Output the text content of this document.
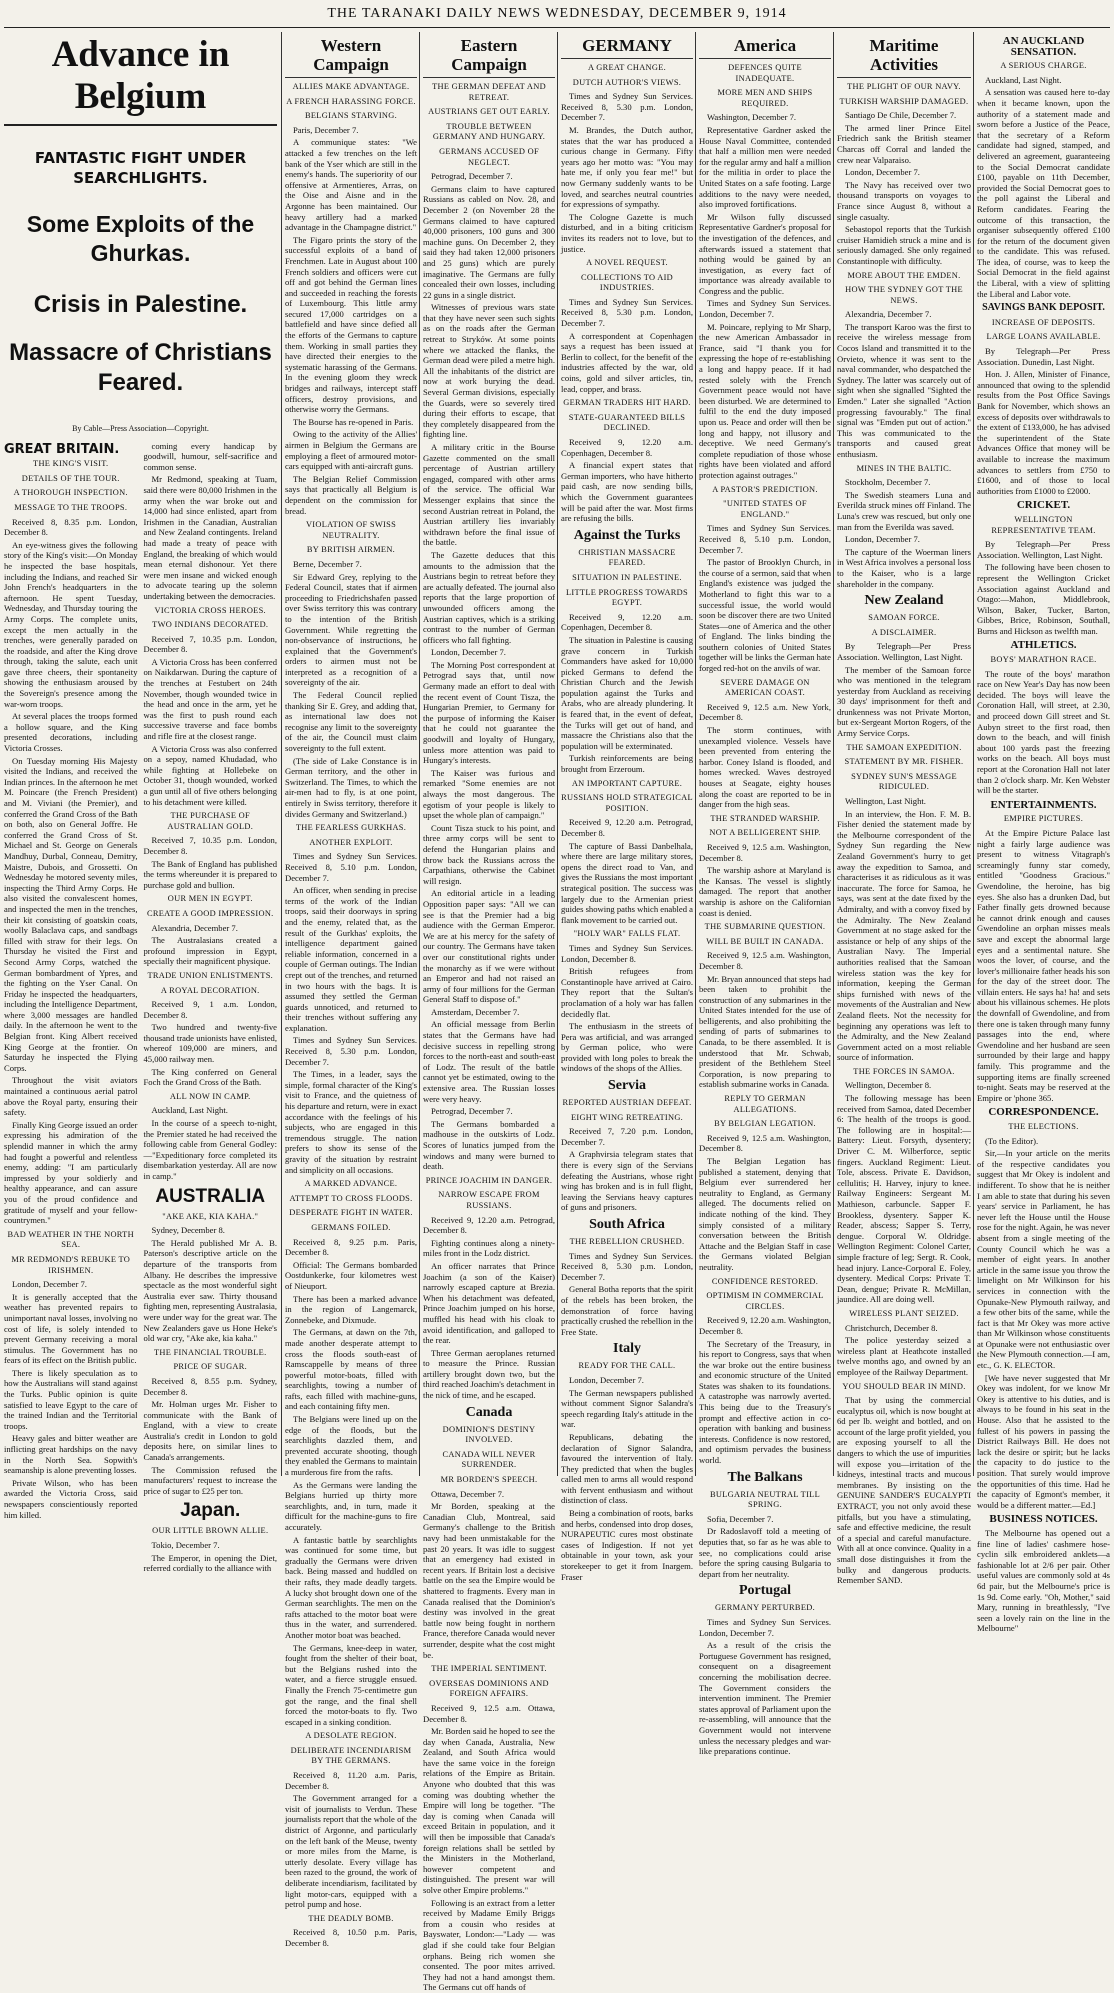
THE TARANAKI DAILY NEWS WEDNESDAY, DECEMBER 9, 1914
Advance in Belgium
FANTASTIC FIGHT UNDER SEARCHLIGHTS.
Some Exploits of the Ghurkas.
Crisis in Palestine.
Massacre of Christians Feared.
By Cable—Press Association—Copyright.
GREAT BRITAIN.
THE KING'S VISIT.
DETAILS OF THE TOUR.
A THOROUGH INSPECTION.
MESSAGE TO THE TROOPS.

Received 8, 8.35 p.m. London, December 8.

An eye-witness gives the following story of the King's visit:—On Monday he inspected the base hospitals, including the Indians, and reached Sir John French's headquarters in the afternoon. He spent Tuesday, Wednesday, and Thursday touring the Army Corps. The complete units, except the men actually in the trenches, were generally paraded on the roadside, and after the King drove through, taking the salute, each unit gave three cheers, their spontaneity showing the enthusiasm aroused by the Sovereign's presence among the war-worn troops.

At several places the troops formed a hollow square, and the King presented decorations, including Victoria Crosses.

On Tuesday morning His Majesty visited the Indians, and received the Indian princes. In the afternoon he met M. Poincare (the French President) and M. Viviani (the Premier), and conferred the Grand Cross of the Bath on both, also on General Joffre. He conferred the Grand Cross of St. Michael and St. George on Generals Mandhuy, Durbal, Conneau, Demitry, Maistre, Dubois, and Grossetti. On Wednesday he motored seventy miles, inspecting the Third Army Corps. He also visited the convalescent homes, and inspected the men in the trenches, their kit consisting of goatskin coats, woolly Balaclava caps, and sandbags filled with straw for their legs. On Thursday he visited the First and Second Army Corps, watched the German bombardment of Ypres, and the fighting on the Yser Canal. On Friday he inspected the headquarters, including the Intelligence Department, where 3,000 messages are handled daily. In the afternoon he went to the Belgian front. King Albert received King George at the frontier. On Saturday he inspected the Flying Corps.

Throughout the visit aviators maintained a continuous aerial patrol above the Royal party, ensuring their safety.

Finally King George issued an order expressing his admiration of the splendid manner in which the army had fought a powerful and relentless enemy, adding: "I am particularly impressed by your soldierly and healthy appearance, and can assure you of the proud confidence and gratitude of myself and your fellow-countrymen."

BAD WEATHER IN THE NORTH SEA.
MR REDMOND'S REBUKE TO IRISHMEN.

London, December 7.

It is generally accepted that the weather has prevented repairs to unimportant naval losses, involving no cost of life, is solely intended to prevent Germany receiving a moral stimulus. The Government has no fears of its effect on the British public.

There is likely speculation as to how the Australians will stand against the Turks. Public opinion is quite satisfied to leave Egypt to the care of the trained Indian and the Territorial troops.

Heavy gales and bitter weather are inflicting great hardships on the navy in the North Sea. Sopwith's seamanship is alone preventing losses.

Private Wilson, who has been awarded the Victoria Cross, said newspapers conscientiously reported him killed.

coming every handicap by goodwill, humour, self-sacrifice and common sense.

Mr Redmond, speaking at Tuam, said there were 80,000 Irishmen in the army when the war broke out and 14,000 had since enlisted, apart from Irishmen in the Canadian, Australian and New Zealand contingents. Ireland had made a treaty of peace with England, the breaking of which would mean eternal dishonour. Yet there were men insane and wicked enough to advocate tearing up the solemn undertaking between the democracies.

VICTORIA CROSS HEROES.
TWO INDIANS DECORATED.

Received 7, 10.35 p.m. London, December 8.

A Victoria Cross has been conferred on Naikdarwan. During the capture of the trenches at Festubert on 24th November, though wounded twice in the head and once in the arm, yet he was the first to push round each successive traverse and face bombs and rifle fire at the closest range.

A Victoria Cross was also conferred on a sepoy, named Khudadad, who while fighting at Hollebeke on October 31, though wounded, worked a gun until all of five others belonging to his detachment were killed.

THE PURCHASE OF AUSTRALIAN GOLD.

Received 7, 10.35 p.m. London, December 8.

The Bank of England has published the terms whereunder it is prepared to purchase gold and bullion.

OUR MEN IN EGYPT.
CREATE A GOOD IMPRESSION.

Alexandria, December 7.

The Australasians created a profound impression in Egypt, specially their magnificent physique.

TRADE UNION ENLISTMENTS.
A ROYAL DECORATION.

Received 9, 1 a.m. London, December 8.

Two hundred and twenty-five thousand trade unionists have enlisted, whereof 109,000 are miners, and 45,000 railway men.

The King conferred on General Foch the Grand Cross of the Bath.

ALL NOW IN CAMP.

Auckland, Last Night.

In the course of a speech to-night, the Premier stated he had received the following cable from General Godley:—"Expeditionary force completed its disembarkation yesterday. All are now in camp."

AUSTRALIA
"AKE AKE, KIA KAHA."

Sydney, December 8.

The Herald published Mr A. B. Paterson's descriptive article on the departure of the transports from Albany. He describes the impressive spectacle as the most wonderful sight Australia ever saw. Thirty thousand fighting men, representing Australasia, were under way for the great war. The New Zealanders gave us Hone Heke's old war cry, "Ake ake, kia kaha."

THE FINANCIAL TROUBLE.
PRICE OF SUGAR.

Received 8, 8.55 p.m. Sydney, December 8.

Mr. Holman urges Mr. Fisher to communicate with the Bank of England, with a view to create Australia's credit in London to gold deposits here, on similar lines to Canada's arrangements.

The Commission refused the manufacturers' request to increase the price of sugar to £25 per ton.

Japan.
OUR LITTLE BROWN ALLIE.

Tokio, December 7.

The Emperor, in opening the Diet, referred cordially to the alliance with

Western Campaign
ALLIES MAKE ADVANTAGE.
A FRENCH HARASSING FORCE.
BELGIANS STARVING.

Paris, December 7.

A communique states: "We attacked a few trenches on the left bank of the Yser which are still in the enemy's hands. The superiority of our offensive at Armentieres, Arras, on the Oise and Aisne and in the Argonne has been maintained. Our heavy artillery had a marked advantage in the Champagne district."

The Figaro prints the story of the successful exploits of a band of Frenchmen. Late in August about 100 French soldiers and officers were cut off and got behind the German lines and succeeded in reaching the forests of Luxembourg. This little army secured 17,000 cartridges on a battlefield and have since defied all the efforts of the Germans to capture them. Working in small parties they have directed their energies to the systematic harassing of the Germans. In the evening gloom they wreck bridges and railways, intercept staff officers, destroy provisions, and otherwise worry the Germans.

The Bourse has re-opened in Paris.

Owing to the activity of the Allies' airmen in Belgium the Germans are employing a fleet of armoured motor-cars equipped with anti-aircraft guns.

The Belgian Relief Commission says that practically all Belgium is dependent on the commission for bread.

VIOLATION OF SWISS NEUTRALITY.
BY BRITISH AIRMEN.

Berne, December 7.

Sir Edward Grey, replying to the Federal Council, states that if airmen proceeding to Friedrichshafen passed over Swiss territory this was contrary to the intention of the British Government. While regretting the non-observance of instructions, he explained that the Government's orders to airmen must not be interpreted as a recognition of a sovereignty of the air.

The Federal Council replied thanking Sir E. Grey, and adding that, as international law does not recognise any limit to the sovereignty of the air, the Council must claim sovereignty to the full extent.

(The side of Lake Constance is in German territory, and the other in Switzerland. The Times, to which the air-men had to fly, is at one point, entirely in Swiss territory, therefore it divides Germany and Switzerland.)

THE FEARLESS GURKHAS.
ANOTHER EXPLOIT.

Times and Sydney Sun Services. Received 8, 5.10 p.m. London, December 7.

An officer, when sending in precise terms of the work of the Indian troops, said their doorways in spring and the enemy, related that, as the result of the Gurkhas' exploits, the intelligence department gained reliable information, concerned in a couple of German outings. The Indian crept out of the trenches, and returned in two hours with the bags. It is assumed they settled the German guards unnoticed, and returned to their trenches without suffering any explanation.

Times and Sydney Sun Services. Received 8, 5.30 p.m. London, December 7.

The Times, in a leader, says the simple, formal character of the King's visit to France, and the quietness of his departure and return, were in exact accordance with the feelings of his subjects, who are engaged in this tremendous struggle. The nation prefers to show its sense of the gravity of the situation by restraint and simplicity on all occasions.

A MARKED ADVANCE.
ATTEMPT TO CROSS FLOODS.
DESPERATE FIGHT IN WATER.
GERMANS FOILED.

Received 8, 9.25 p.m. Paris, December 8.

Official: The Germans bombarded Oostdunkerke, four kilometres west of Nieuport.

There has been a marked advance in the region of Langemarck, Zonnebeke, and Dixmude.

The Germans, at dawn on the 7th, made another desperate attempt to cross the floods south-east of Ramscappelle by means of three powerful motor-boats, filled with searchlights, towing a number of rafts, each filled with machine-guns, and each containing fifty men.

The Belgians were lined up on the edge of the floods, but the searchlights dazzled them, and prevented accurate shooting, though they enabled the Germans to maintain a murderous fire from the rafts.

As the Germans were landing the Belgians hurried up thirty more searchlights, and, in turn, made it difficult for the machine-guns to fire accurately.

A fantastic battle by searchlights was continued for some time, but gradually the Germans were driven back. Being massed and huddled on their rafts, they made deadly targets. A lucky shot brought down one of the German searchlights. The men on the rafts attached to the motor boat were thus in the water, and surrendered. Another motor boat was beached.

The Germans, knee-deep in water, fought from the shelter of their boat, but the Belgians rushed into the water, and a fierce struggle ensued. Finally the French 75-centimetre gun got the range, and the final shell forced the motor-boats to fly. Two escaped in a sinking condition.

A DESOLATE REGION.
DELIBERATE INCENDIARISM BY THE GERMANS.

Received 8, 11.20 a.m. Paris, December 8.

The Government arranged for a visit of journalists to Verdun. These journalists report that the whole of the district of Argonne, and particularly on the left bank of the Meuse, twenty or more miles from the Marne, is utterly desolate. Every village has been razed to the ground, the work of deliberate incendiarism, facilitated by light motor-cars, equipped with a petrol pump and hose.

THE DEADLY BOMB.

Received 8, 10.50 p.m. Paris, December 8.

Eastern Campaign
THE GERMAN DEFEAT AND RETREAT.
AUSTRIANS GET OUT EARLY.
TROUBLE BETWEEN GERMANY AND HUNGARY.
GERMANS ACCUSED OF NEGLECT.

Petrograd, December 7.

Germans claim to have captured Russians as cabled on Nov. 28, and December 2 (on November 28 the Germans claimed to have captured 40,000 prisoners, 100 guns and 300 machine guns. On December 2, they said they had taken 12,000 prisoners and 25 guns) which are purely imaginative. The Germans are fully concealed their own losses, including 22 guns in a single district.

Witnesses of previous wars state that they have never seen such sights as on the roads after the German retreat to Stryków. At some points where we attacked the flanks, the German dead were piled a metre high. All the inhabitants of the district are now at work burying the dead. Several German divisions, especially the Guards, were so severely tired during their efforts to escape, that they completely disappeared from the fighting line.

A military critic in the Bourse Gazette commented on the small percentage of Austrian artillery engaged, compared with other arms of the service. The official War Messenger explains that since the second Austrian retreat in Poland, the Austrian artillery lies invariably withdrawn before the final issue of the battle.

The Gazette deduces that this amounts to the admission that the Austrians begin to retreat before they are actually defeated. The journal also reports that the large proportion of unwounded officers among the Austrian captives, which is a striking contrast to the number of German officers who fall fighting.

London, December 7.

The Morning Post correspondent at Petrograd says that, until now Germany made an effort to deal with the recent event of Count Tisza, the Hungarian Premier, to Germany for the purpose of informing the Kaiser that he could not guarantee the goodwill and loyalty of Hungary, unless more attention was paid to Hungary's interests.

The Kaiser was furious and remarked "Some enemies are not always the most dangerous. The egotism of your people is likely to upset the whole plan of campaign."

Count Tisza stuck to his point, and three army corps will be sent to defend the Hungarian plains and throw back the Russians across the Carpathians, otherwise the Cabinet will resign.

An editorial article in a leading Opposition paper says: "All we can see is that the Premier had a big audience with the German Emperor. We are at his mercy for the safety of our country. The Germans have taken over our constitutional rights under the monarchy as if we were without an Emperor and had not raised an army of four millions for the German General Staff to dispose of."

Amsterdam, December 7.

An official message from Berlin states that the Germans have had decisive success in repelling strong forces to the north-east and south-east of Lodz. The result of the battle cannot yet be estimated, owing to the extensive area. The Russian losses were very heavy.

Petrograd, December 7.

The Germans bombarded a madhouse in the outskirts of Lodz. Scores of lunatics jumped from the windows and many were burned to death.

PRINCE JOACHIM IN DANGER.
NARROW ESCAPE FROM RUSSIANS.

Received 9, 12.20 a.m. Petrograd, December 8.

Fighting continues along a ninety-miles front in the Lodz district.

An officer narrates that Prince Joachim (a son of the Kaiser) narrowly escaped capture at Brezia. When his detachment was defeated, Prince Joachim jumped on his horse, muffled his head with his cloak to avoid identification, and galloped to the rear.

Three German aeroplanes returned to measure the Prince. Russian artillery brought down two, but the third reached Joachim's detachment in the nick of time, and he escaped.

Canada
DOMINION'S DESTINY INVOLVED.
CANADA WILL NEVER SURRENDER.
MR BORDEN'S SPEECH.

Ottawa, December 7.

Mr Borden, speaking at the Canadian Club, Montreal, said Germany's challenge to the British navy had been unmistakable for the past 20 years. It was idle to suggest that an emergency had existed in recent years. If Britain lost a decisive battle on the sea the Empire would be shattered to fragments. Every man in Canada realised that the Dominion's destiny was involved in the great battle now being fought in northern France, therefore Canada would never surrender, despite what the cost might be.

THE IMPERIAL SENTIMENT.
OVERSEAS DOMINIONS AND FOREIGN AFFAIRS.

Received 9, 12.5 a.m. Ottawa, December 8.

Mr. Borden said he hoped to see the day when Canada, Australia, New Zealand, and South Africa would have the same voice in the foreign relations of the Empire as Britain. Anyone who doubted that this was coming was doubting whether the Empire will long be together. "The day is coming when Canada will exceed Britain in population, and it will then be impossible that Canada's foreign relations shall be settled by the Ministers in the Motherland, however competent and distinguished. The present war will solve other Empire problems."

Following is an extract from a letter received by Madame Emily Briggs from a cousin who resides at Bayswater, London:—"Lady — was glad if she could take four Belgian orphans. Being rich women she consented. The poor mites arrived. They had not a hand amongst them. The Germans cut off hands of

GERMANY
A GREAT CHANGE.
DUTCH AUTHOR'S VIEWS.

Times and Sydney Sun Services. Received 8, 5.30 p.m. London, December 7.

M. Brandes, the Dutch author, states that the war has produced a curious change in Germany. Fifty years ago her motto was: "You may hate me, if only you fear me!" but now Germany suddenly wants to be loved, and searches neutral countries for expressions of sympathy.

The Cologne Gazette is much disturbed, and in a biting criticism invites its readers not to love, but to justice.

A NOVEL REQUEST.
COLLECTIONS TO AID INDUSTRIES.

Times and Sydney Sun Services. Received 8, 5.30 p.m. London, December 7.

A correspondent at Copenhagen says a request has been issued at Berlin to collect, for the benefit of the industries affected by the war, old coins, gold and silver articles, tin, lead, copper, and brass.

GERMAN TRADERS HIT HARD.
STATE-GUARANTEED BILLS DECLINED.

Received 9, 12.20 a.m. Copenhagen, December 8.

A financial expert states that German importers, who have hitherto paid cash, are now sending bills, which the Government guarantees will be paid after the war. Most firms are refusing the bills.

Against the Turks
CHRISTIAN MASSACRE FEARED.
SITUATION IN PALESTINE.
LITTLE PROGRESS TOWARDS EGYPT.

Received 9, 12.20 a.m. Copenhagen, December 8.

The situation in Palestine is causing grave concern in Turkish Commanders have asked for 10,000 picked Germans to defend the Christian Church and the Jewish population against the Turks and Arabs, who are already plundering. It is feared that, in the event of defeat, the Turks will get out of hand, and massacre the Christians also that the population will be exterminated.

Turkish reinforcements are being brought from Erzeroum.

AN IMPORTANT CAPTURE.
RUSSIANS HOLD STRATEGICAL POSITION.

Received 9, 12.20 a.m. Petrograd, December 8.

The capture of Bassi Danbelhala, where there are large military stores, opens the direct road to Van, and gives the Russians the most important strategical position. The success was largely due to the Armenian priest guides showing paths which enabled a flank movement to be carried out.

"HOLY WAR" FALLS FLAT.

Times and Sydney Sun Services. London, December 8.

British refugees from Constantinople have arrived at Cairo. They report that the Sultan's proclamation of a holy war has fallen decidedly flat.

The enthusiasm in the streets of Pera was artificial, and was arranged by German police, who were provided with long poles to break the windows of the shops of the Allies.

Servia
REPORTED AUSTRIAN DEFEAT.
EIGHT WING RETREATING.

Received 7, 7.20 p.m. London, December 7.

A Graphvirsia telegram states that there is every sign of the Servians defeating the Austrians, whose right wing has broken and is in full flight, leaving the Servians heavy captures of guns and prisoners.

South Africa
THE REBELLION CRUSHED.

Times and Sydney Sun Services. Received 8, 5.30 p.m. London, December 7.

General Botha reports that the spirit of the rebels has been broken, the demonstration of force having practically crushed the rebellion in the Free State.

Italy
READY FOR THE CALL.

London, December 7.

The German newspapers published without comment Signor Salandra's speech regarding Italy's attitude in the war.

Republicans, debating the declaration of Signor Salandra, favoured the intervention of Italy. They predicted that when the bugles called men to arms all would respond with fervent enthusiasm and without distinction of class.

Being a combination of roots, barks and herbs, condensed into drop doses, NURAPEUTIC cures most obstinate cases of Indigestion. If not yet obtainable in your town, ask your storekeeper to get it from Inargem. Fraser

America
DEFENCES QUITE INADEQUATE.
MORE MEN AND SHIPS REQUIRED.

Washington, December 7.

Representative Gardner asked the House Naval Committee, contended that half a million men were needed for the regular army and half a million for the militia in order to place the United States on a safe footing. Large additions to the navy were needed, also improved fortifications.

Mr Wilson fully discussed Representative Gardner's proposal for the investigation of the defences, and afterwards issued a statement that nothing would be gained by an investigation, as every fact of importance was already available to Congress and the public.

Times and Sydney Sun Services. London, December 7.

M. Poincare, replying to Mr Sharp, the new American Ambassador in France, said "I thank you for expressing the hope of re-establishing a long and happy peace. If it had rested solely with the French Government peace would not have been disturbed. We are determined to fulfil to the end the duty imposed upon us. Peace and order will then be long and happy, not illusory and deceptive. We need Germany's complete repudiation of those whose rights have been violated and afford protection against outrages."

A PASTOR'S PREDICTION.
"UNITED STATES OF ENGLAND."

Times and Sydney Sun Services. Received 8, 5.10 p.m. London, December 7.

The pastor of Brooklyn Church, in the course of a sermon, said that when England's existence was judged the Motherland to fight this war to a successful issue, the world would soon be discover there are two United States—one of America and the other of England. The links binding the southern colonies of United States together will be links the German hate forged red-hot on the anvils of war.

SEVERE DAMAGE ON AMERICAN COAST.

Received 9, 12.5 a.m. New York, December 8.

The storm continues, with unexampled violence. Vessels have been prevented from entering the harbor. Coney Island is flooded, and homes wrecked. Waves destroyed houses at Seagate, eighty houses along the coast are reported to be in danger from the high seas.

THE STRANDED WARSHIP.
NOT A BELLIGERENT SHIP.

Received 9, 12.5 a.m. Washington, December 8.

The warship ashore at Maryland is the Kansas. The vessel is slightly damaged. The report that another warship is ashore on the Californian coast is denied.

THE SUBMARINE QUESTION.
WILL BE BUILT IN CANADA.

Received 9, 12.5 a.m. Washington, December 8.

Mr. Bryan announced that steps had been taken to prohibit the construction of any submarines in the United States intended for the use of belligerents, and also prohibiting the sending of parts of submarines to Canada, to be there assembled. It is understood that Mr. Schwab, president of the Bethlehem Steel Corporation, is now preparing to establish submarine works in Canada.

REPLY TO GERMAN ALLEGATIONS.
BY BELGIAN LEGATION.

Received 9, 12.5 a.m. Washington, December 8.

The Belgian Legation has published a statement, denying that Belgium ever surrendered her neutrality to England, as Germany alleged. The documents relied on indicate nothing of the kind. They simply consisted of a military conversation between the British Attache and the Belgian Staff in case the Germans violated Belgian neutrality.

CONFIDENCE RESTORED.
OPTIMISM IN COMMERCIAL CIRCLES.

Received 9, 12.20 a.m. Washington, December 8.

The Secretary of the Treasury, in his report to Congress, says that when the war broke out the entire business and economic structure of the United States was shaken to its foundations. A catastrophe was narrowly averted. This being due to the Treasury's prompt and effective action in co-operation with banking and business interests. Confidence is now restored, and optimism pervades the business world.

The Balkans
BULGARIA NEUTRAL TILL SPRING.

Sofia, December 7.

Dr Radoslavoff told a meeting of deputies that, so far as he was able to see, no complications could arise before the spring causing Bulgaria to depart from her neutrality.

Portugal
GERMANY PERTURBED.

Times and Sydney Sun Services. London, December 7.

As a result of the crisis the Portuguese Government has resigned, consequent on a disagreement concerning the mobilisation decree. The Government considers the intervention imminent. The Premier states approval of Parliament upon the re-assembling, will announce that the Government would not intervene unless the necessary pledges and war-like preparations continue.

Maritime Activities
THE PLIGHT OF OUR NAVY.
TURKISH WARSHIP DAMAGED.

Santiago De Chile, December 7.

The armed liner Prince Eitel Friedrich sank the British steamer Charcas off Corral and landed the crew near Valparaiso.

London, December 7.

The Navy has received over two thousand transports on voyages to France since August 8, without a single casualty.

Sebastopol reports that the Turkish cruiser Hamidieh struck a mine and is seriously damaged. She only regained Constantinople with difficulty.

MORE ABOUT THE EMDEN.
HOW THE SYDNEY GOT THE NEWS.

Alexandria, December 7.

The transport Karoo was the first to receive the wireless message from Cocos Island and transmitted it to the Orvieto, whence it was sent to the naval commander, who despatched the Sydney. The latter was scarcely out of sight when she signalled "Sighted the Emden." Later she signalled "Action progressing favourably." The final signal was "Emden put out of action." This was communicated to the transports and caused great enthusiasm.

MINES IN THE BALTIC.

Stockholm, December 7.

The Swedish steamers Luna and Everilda struck mines off Finland. The Luna's crew was rescued, but only one man from the Everilda was saved.

London, December 7.

The capture of the Woerman liners in West Africa involves a personal loss to the Kaiser, who is a large shareholder in the company.

New Zealand
SAMOAN FORCE.
A DISCLAIMER.

By Telegraph—Per Press Association. Wellington, Last Night.

The member of the Samoan force who was mentioned in the telegram yesterday from Auckland as receiving 30 days' imprisonment for theft and drunkenness was not Private Morton, but ex-Sergeant Morton Rogers, of the Army Service Corps.

THE SAMOAN EXPEDITION.
STATEMENT BY MR. FISHER.
SYDNEY SUN'S MESSAGE RIDICULED.

Wellington, Last Night.

In an interview, the Hon. F. M. B. Fisher denied the statement made by the Melbourne correspondent of the Sydney Sun regarding the New Zealand Government's hurry to get away the expedition to Samoa, and characterises it as ridiculous as it was inaccurate. The force for Samoa, he says, was sent at the date fixed by the Admiralty, and with a convoy fixed by the Admiralty. The New Zealand Government at no stage asked for the assistance or help of any ships of the Australian Navy. The Imperial authorities realised that the Samoan wireless station was the key for information, keeping the German ships furnished with news of the movements of the Australian and New Zealand fleets. Not the necessity for beginning any operations was left to the Admiralty, and the New Zealand Government acted on a most reliable source of information.

THE FORCES IN SAMOA.

Wellington, December 8.

The following message has been received from Samoa, dated December 6: The health of the troops is good. The following are in hospital:—Battery: Lieut. Forsyth, dysentery; Driver C. M. Wilberforce, septic fingers. Auckland Regiment: Lieut. Tole, abscess. Private E. Davidson, cellulitis; H. Harvey, injury to knee. Railway Engineers: Sergeant M. Mathieson, carbuncle. Sapper F. Brookless, dysentery. Sapper K. Reader, abscess; Sapper S. Terry, dengue. Corporal W. Oldridge. Wellington Regiment: Colonel Carter, simple fracture of leg; Sergt. R. Cook, head injury. Lance-Corporal E. Foley, dysentery. Medical Corps: Private T. Dean, dengue; Private R. McMillan, jaundice. All are doing well.

WIRELESS PLANT SEIZED.

Christchurch, December 8.

The police yesterday seized a wireless plant at Heathcote installed twelve months ago, and owned by an employee of the Railway Department.

YOU SHOULD BEAR IN MIND.

That by using the commercial eucalyptus oil, which is now bought at 6d per lb. weight and bottled, and on account of the large profit yielded, you are exposing yourself to all the dangers to which the use of impurities will expose you—irritation of the kidneys, intestinal tracts and mucous membranes. By insisting on the GENUINE SANDER'S EUCALYPTI EXTRACT, you not only avoid these pitfalls, but you have a stimulating, safe and effective medicine, the result of a special and careful manufacture. With all at once convince. Quality in a small dose distinguishes it from the bulky and dangerous products. Remember SAND.

AN AUCKLAND SENSATION.
A SERIOUS CHARGE.

Auckland, Last Night.

A sensation was caused here to-day when it became known, upon the authority of a statement made and sworn before a Justice of the Peace, that the secretary of a Reform candidate had signed, stamped, and delivered an agreement, guaranteeing to the Social Democrat candidate £100, payable on 11th December, provided the Social Democrat goes to the poll against the Liberal and Reform candidates. Fearing the outcome of this transaction, the organiser subsequently offered £100 for the return of the document given to the candidate. This was refused. The idea, of course, was to keep the Social Democrat in the field against the Liberal, with a view of splitting the Liberal and Labor vote.

SAVINGS BANK DEPOSIT.
INCREASE OF DEPOSITS.
LARGE LOANS AVAILABLE.

By Telegraph—Per Press Association. Dunedin, Last Night.

Hon. J. Allen, Minister of Finance, announced that owing to the splendid results from the Post Office Savings Bank for November, which shows an excess of deposits over withdrawals to the extent of £133,000, he has advised the superintendent of the State Advances Office that money will be available to increase the maximum advances to settlers from £750 to £1600, and of those to local authorities from £1000 to £2000.

CRICKET.
WELLINGTON REPRESENTATIVE TEAM.

By Telegraph—Per Press Association. Wellington, Last Night.

The following have been chosen to represent the Wellington Cricket Association against Auckland and Otago:—Mahon, Middlebrook, Wilson, Baker, Tucker, Barton, Gibbes, Brice, Robinson, Southall, Burns and Hickson as twelfth man.

ATHLETICS.
BOYS' MARATHON RACE.

The route of the boys' marathon race on New Year's Day has now been decided. The boys will leave the Coronation Hall, will street, at 2.30, and proceed down Gill street and St. Aubyn street to the first road, then down to the beach, and will finish about 100 yards past the freezing works on the beach. All boys must report at the Coronation Hall not later than 2 o'clock sharp. Mr. Ken Webster will be the starter.

ENTERTAINMENTS.
EMPIRE PICTURES.

At the Empire Picture Palace last night a fairly large audience was present to witness Vitagraph's screamingly funny star comedy, entitled "Goodness Gracious." Gwendoline, the heroine, has big eyes. She also has a drunken Dad, but Father finally gets drowned because he cannot drink enough and causes Gwendoline an orphan misses meals save and except the abnormal large eyes and a sentimental nature. She woos the lover, of course, and the lover's millionaire father heads his son for the day of the street door. The villain enters. He says ha! ha! and sets about his villainous schemes. He plots the downfall of Gwendoline, and from there one is taken through many funny passages into the end, where Gwendoline and her husband are seen surrounded by their large and happy family. This programme and the supporting items are finally screened to-night. Seats may be reserved at the Empire or 'phone 365.

CORRESPONDENCE.
THE ELECTIONS.

(To the Editor).

Sir,—In your article on the merits of the respective candidates you suggest that Mr Okey is indolent and indifferent. To show that he is neither I am able to state that during his seven years' service in Parliament, he has never left the House until the House rose for the night. Again, he was never absent from a single meeting of the County Council which he was a member of eight years. In another article in the same issue you throw the limelight on Mr Wilkinson for his services in connection with the Opunake-New Plymouth railway, and a few other bits of the same, while the fact is that Mr Okey was more active than Mr Wilkinson whose constituents at Opunake were not enthusiastic over the New Plymouth connection.—I am, etc., G. K. ELECTOR.

[We have never suggested that Mr Okey was indolent, for we know Mr Okey is attentive to his duties, and is always to be found in his seat in the House. Also that he assisted to the fullest of his powers in passing the District Railways Bill. He does not lack the desire or spirit; but he lacks the capacity to do justice to the position. That surely would improve the opportunities of this time. Had he the capacity of Egmont's member, it would be a different matter.—Ed.]

BUSINESS NOTICES.

The Melbourne has opened out a fine line of ladies' cashmere hose-cyclin silk embroidered anklets—a fashionable lot at 2/6 per pair. Other useful values are commonly sold at 4s 6d pair, but the Melbourne's price is 1s 9d. Come early. "Oh, Mother," said Mary, running in breathlessly, "I've seen a lovely rain on the line in the Melbourne"
